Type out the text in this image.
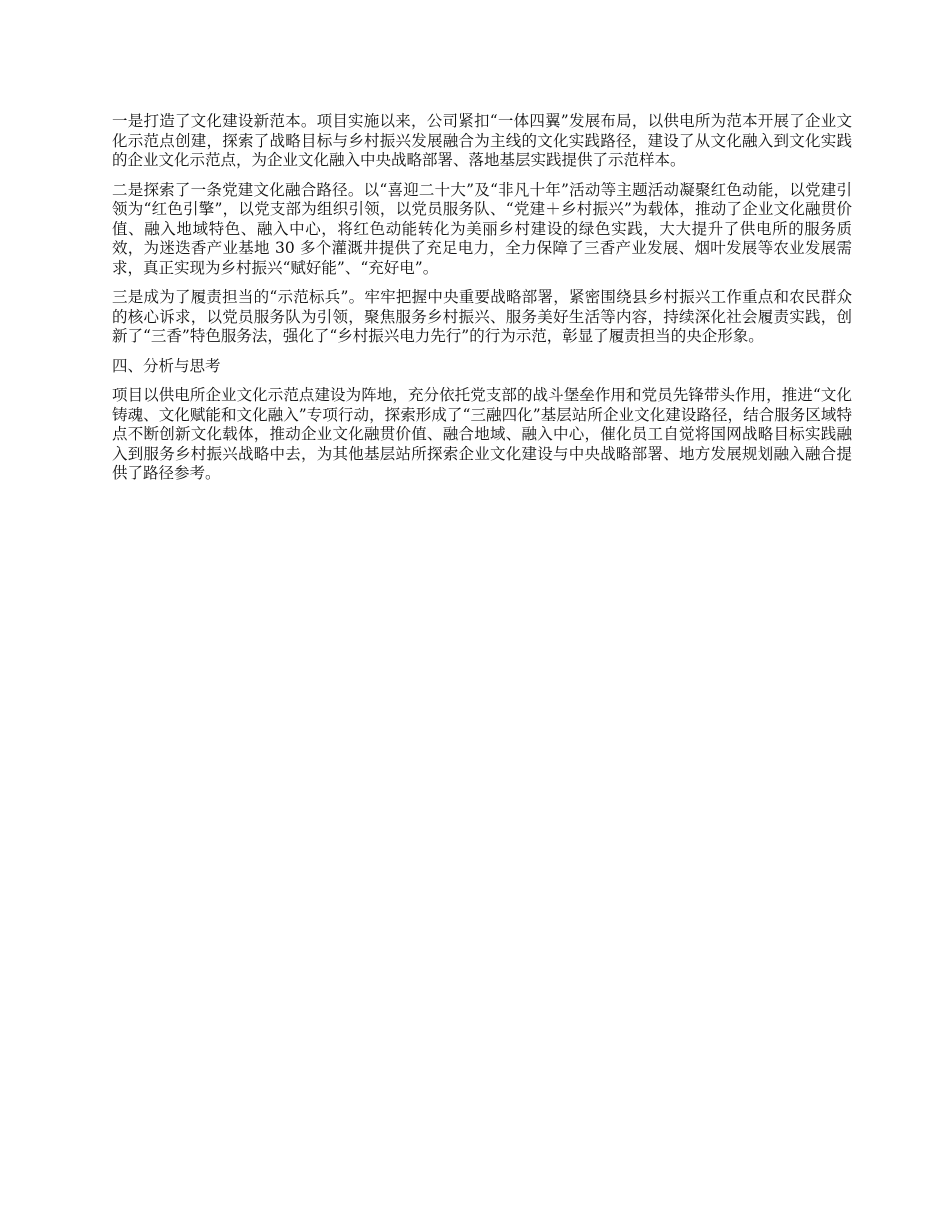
一是打造了文化建设新范本。项目实施以来，公司紧扣“一体四翼”发展布局，以供电所为范本开展了企业文化示范点创建，探索了战略目标与乡村振兴发展融合为主线的文化实践路径，建设了从文化融入到文化实践的企业文化示范点，为企业文化融入中央战略部署、落地基层实践提供了示范样本。

二是探索了一条党建文化融合路径。以“喜迎二十大”及“非凡十年”活动等主题活动凝聚红色动能，以党建引领为“红色引擎”，以党支部为组织引领，以党员服务队、“党建＋乡村振兴”为载体，推动了企业文化融贯价值、融入地域特色、融入中心，将红色动能转化为美丽乡村建设的绿色实践，大大提升了供电所的服务质效，为迷迭香产业基地 30 多个灌溉井提供了充足电力，全力保障了三香产业发展、烟叶发展等农业发展需求，真正实现为乡村振兴“赋好能”、“充好电”。

三是成为了履责担当的“示范标兵”。牢牢把握中央重要战略部署，紧密围绕县乡村振兴工作重点和农民群众的核心诉求，以党员服务队为引领，聚焦服务乡村振兴、服务美好生活等内容，持续深化社会履责实践，创新了“三香”特色服务法，强化了“乡村振兴电力先行”的行为示范，彰显了履责担当的央企形象。

四、分析与思考

项目以供电所企业文化示范点建设为阵地，充分依托党支部的战斗堡垒作用和党员先锋带头作用，推进“文化铸魂、文化赋能和文化融入”专项行动，探索形成了“三融四化”基层站所企业文化建设路径，结合服务区域特点不断创新文化载体，推动企业文化融贯价值、融合地域、融入中心，催化员工自觉将国网战略目标实践融入到服务乡村振兴战略中去，为其他基层站所探索企业文化建设与中央战略部署、地方发展规划融入融合提供了路径参考。
